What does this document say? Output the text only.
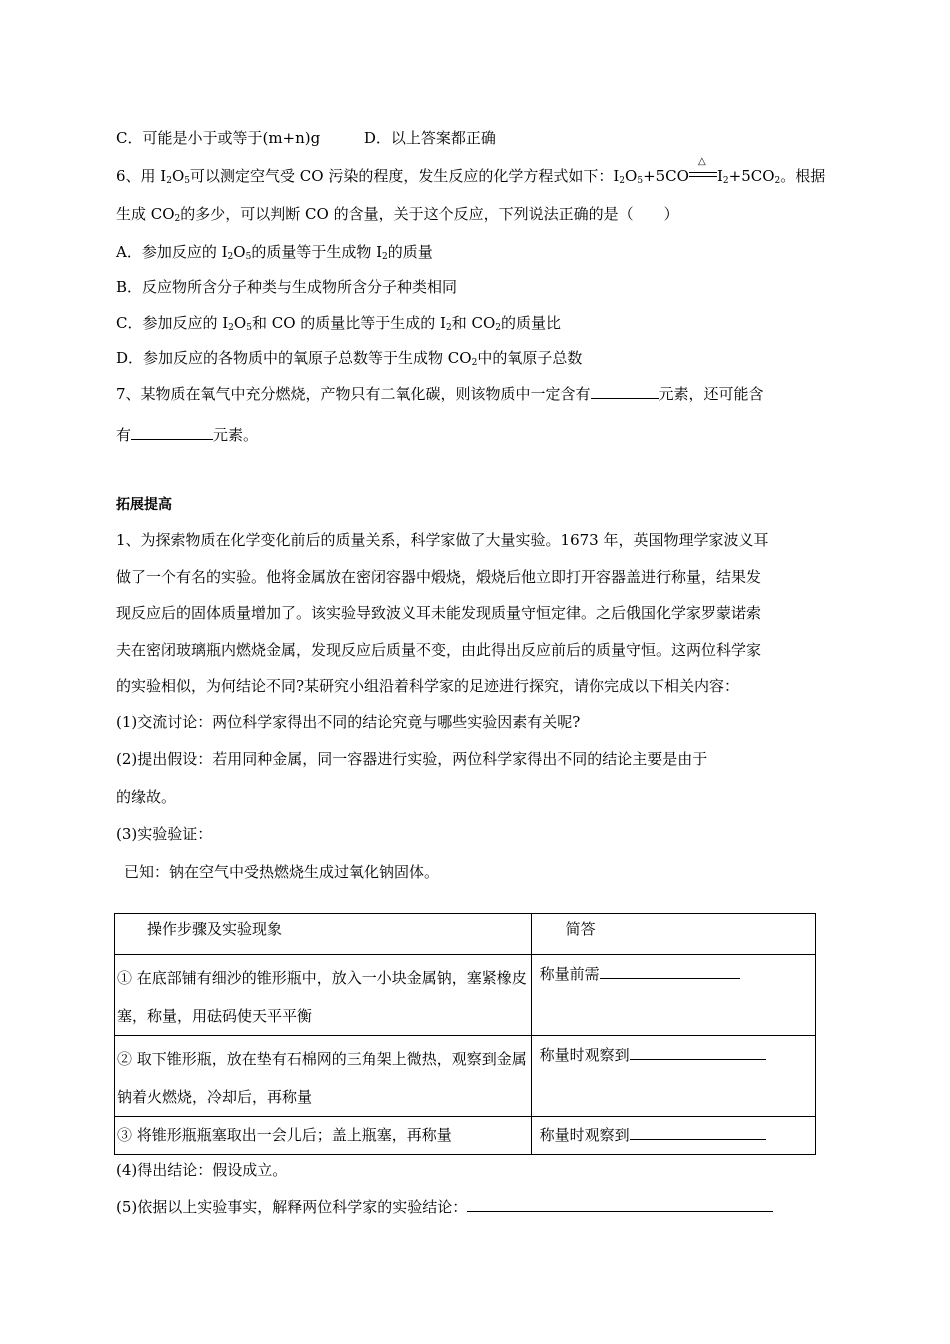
C．可能是小于或等于(m+n)g	D．以上答案都正确
6、用 $I_2O_5$可以测定空气受 CO 污染的程度，发生反应的化学方程式如下：$I_2O_5+5CO$
△
$I_2+5CO_2$。根据
生成 $CO_2$的多少，可以判断 CO 的含量，关于这个反应，下列说法正确的是（　　）
A．参加反应的 $I_2O_5$的质量等于生成物 $I_2$的质量
B．反应物所含分子种类与生成物所含分子种类相同
C．参加反应的 $I_2O_5$和 CO 的质量比等于生成的 $I_2$和 $CO_2$的质量比
D．参加反应的各物质中的氧原子总数等于生成物 $CO_2$中的氧原子总数
7、某物质在氧气中充分燃烧，产物只有二氧化碳，则该物质中一定含有	元素，还可能含
有	元素。
拓展提高
1、为探索物质在化学变化前后的质量关系，科学家做了大量实验。1673 年，英国物理学家波义耳
做了一个有名的实验。他将金属放在密闭容器中煅烧，煅烧后他立即打开容器盖进行称量，结果发
现反应后的固体质量增加了。该实验导致波义耳未能发现质量守恒定律。之后俄国化学家罗蒙诺索
夫在密闭玻璃瓶内燃烧金属，发现反应后质量不变，由此得出反应前后的质量守恒。这两位科学家
的实验相似，为何结论不同?某研究小组沿着科学家的足迹进行探究，请你完成以下相关内容：
(1)交流讨论：两位科学家得出不同的结论究竟与哪些实验因素有关呢?
(2)提出假设：若用同种金属，同一容器进行实验，两位科学家得出不同的结论主要是由于
的缘故。
(3)实验验证：
已知：钠在空气中受热燃烧生成过氧化钠固体。
操作步骤及实验现象	简答
① 在底部铺有细沙的锥形瓶中，放入一小块金属钠，塞紧橡皮塞，称量，用砝码使天平平衡	称量前需
② 取下锥形瓶，放在垫有石棉网的三角架上微热，观察到金属钠着火燃烧，冷却后，再称量	称量时观察到
③ 将锥形瓶瓶塞取出一会儿后；盖上瓶塞，再称量	称量时观察到
(4)得出结论：假设成立。
(5)依据以上实验事实，解释两位科学家的实验结论：
